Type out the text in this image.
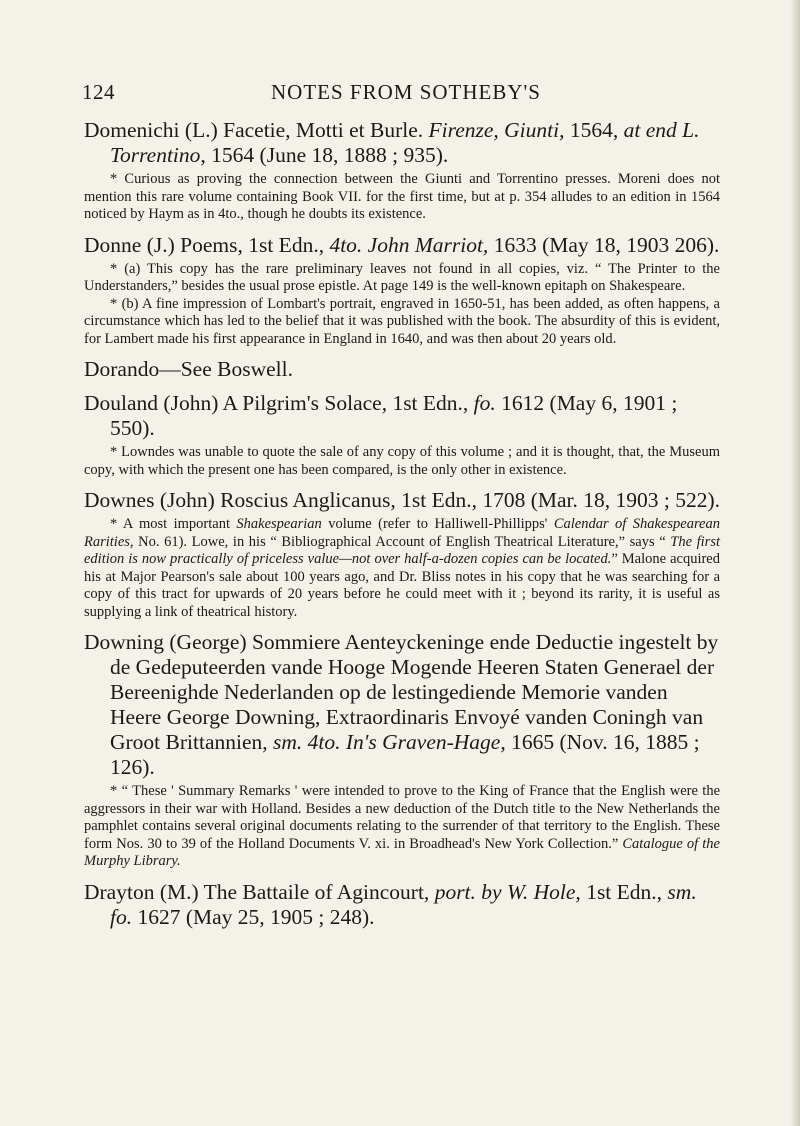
124	NOTES FROM SOTHEBY'S

Domenichi (L.) Facetie, Motti et Burle. Firenze, Giunti, 1564, at end L. Torrentino, 1564 (June 18, 1888 ; 935).

* Curious as proving the connection between the Giunti and Torrentino presses. Moreni does not mention this rare volume containing Book VII. for the first time, but at p. 354 alludes to an edition in 1564 noticed by Haym as in 4to., though he doubts its existence.

Donne (J.) Poems, 1st Edn., 4to. John Marriot, 1633 (May 18, 1903 206).

* (a) This copy has the rare preliminary leaves not found in all copies, viz. “ The Printer to the Understanders,” besides the usual prose epistle. At page 149 is the well-known epitaph on Shakespeare.

* (b) A fine impression of Lombart's portrait, engraved in 1650-51, has been added, as often happens, a circumstance which has led to the belief that it was published with the book. The absurdity of this is evident, for Lambert made his first appearance in England in 1640, and was then about 20 years old.

Dorando—See Boswell.

Douland (John) A Pilgrim's Solace, 1st Edn., fo. 1612 (May 6, 1901 ; 550).

* Lowndes was unable to quote the sale of any copy of this volume ; and it is thought, that, the Museum copy, with which the present one has been compared, is the only other in existence.

Downes (John) Roscius Anglicanus, 1st Edn., 1708 (Mar. 18, 1903 ; 522).

* A most important Shakespearian volume (refer to Halliwell-Phillipps' Calendar of Shakespearean Rarities, No. 61). Lowe, in his “ Bibliographical Account of English Theatrical Literature,” says “ The first edition is now practically of priceless value—not over half-a-dozen copies can be located.” Malone acquired his at Major Pearson's sale about 100 years ago, and Dr. Bliss notes in his copy that he was searching for a copy of this tract for upwards of 20 years before he could meet with it ; beyond its rarity, it is useful as supplying a link of theatrical history.

Downing (George) Sommiere Aenteyckeninge ende Deductie ingestelt by de Gedeputeerden vande Hooge Mogende Heeren Staten Generael der Bereenighde Nederlanden op de lestingediende Memorie vanden Heere George Downing, Extraordinaris Envoyé vanden Coningh van Groot Brittannien, sm. 4to. In's Graven-Hage, 1665 (Nov. 16, 1885 ; 126).

* “ These ' Summary Remarks ' were intended to prove to the King of France that the English were the aggressors in their war with Holland. Besides a new deduction of the Dutch title to the New Netherlands the pamphlet contains several original documents relating to the surrender of that territory to the English. These form Nos. 30 to 39 of the Holland Documents V. xi. in Broadhead's New York Collection.” Catalogue of the Murphy Library.

Drayton (M.) The Battaile of Agincourt, port. by W. Hole, 1st Edn., sm. fo. 1627 (May 25, 1905 ; 248).
